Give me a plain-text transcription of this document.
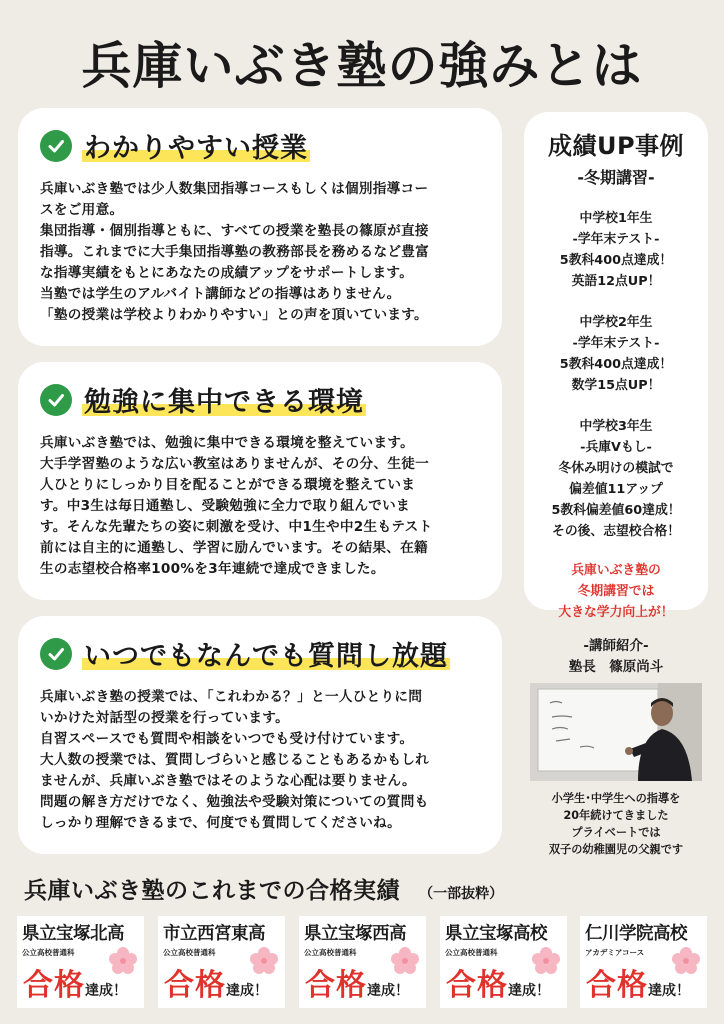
兵庫いぶき塾の強みとは
わかりやすい授業
兵庫いぶき塾では少人数集団指導コースもしくは個別指導コー
スをご用意。
集団指導・個別指導ともに、すべての授業を塾長の篠原が直接
指導。これまでに大手集団指導塾の教務部長を務めるなど豊富
な指導実績をもとにあなたの成績アップをサポートします。
当塾では学生のアルバイト講師などの指導はありません。
「塾の授業は学校よりわかりやすい」との声を頂いています。
勉強に集中できる環境
兵庫いぶき塾では、勉強に集中できる環境を整えています。
大手学習塾のような広い教室はありませんが、その分、生徒一
人ひとりにしっかり目を配ることができる環境を整えていま
す。中3生は毎日通塾し、受験勉強に全力で取り組んでいま
す。そんな先輩たちの姿に刺激を受け、中1生や中2生もテスト
前には自主的に通塾し、学習に励んでいます。その結果、在籍
生の志望校合格率100%を3年連続で達成できました。
いつでもなんでも質問し放題
兵庫いぶき塾の授業では、「これわかる？」と一人ひとりに問
いかけた対話型の授業を行っています。
自習スペースでも質問や相談をいつでも受け付けています。
大人数の授業では、質問しづらいと感じることもあるかもしれ
ませんが、兵庫いぶき塾ではそのような心配は要りません。
問題の解き方だけでなく、勉強法や受験対策についての質問も
しっかり理解できるまで、何度でも質問してくださいね。
成績UP事例
-冬期講習-
中学校1年生
-学年末テスト-
5教科400点達成！
英語12点UP！
中学校2年生
-学年末テスト-
5教科400点達成！
数学15点UP！
中学校3年生
-兵庫Vもし-
冬休み明けの模試で
偏差値11アップ
5教科偏差値60達成！
その後、志望校合格！
兵庫いぶき塾の
冬期講習では
大きな学力向上が！
-講師紹介-
塾長　篠原尚斗
小学生･中学生への指導を
20年続けてきました
プライベートでは
双子の幼稚園児の父親です
兵庫いぶき塾のこれまでの合格実績 （一部抜粋）
県立宝塚北高
公立高校普通科
合格達成！
市立西宮東高
公立高校普通科
合格達成！
県立宝塚西高
公立高校普通科
合格達成！
県立宝塚高校
公立高校普通科
合格達成！
仁川学院高校
アカデミアコース
合格達成！
